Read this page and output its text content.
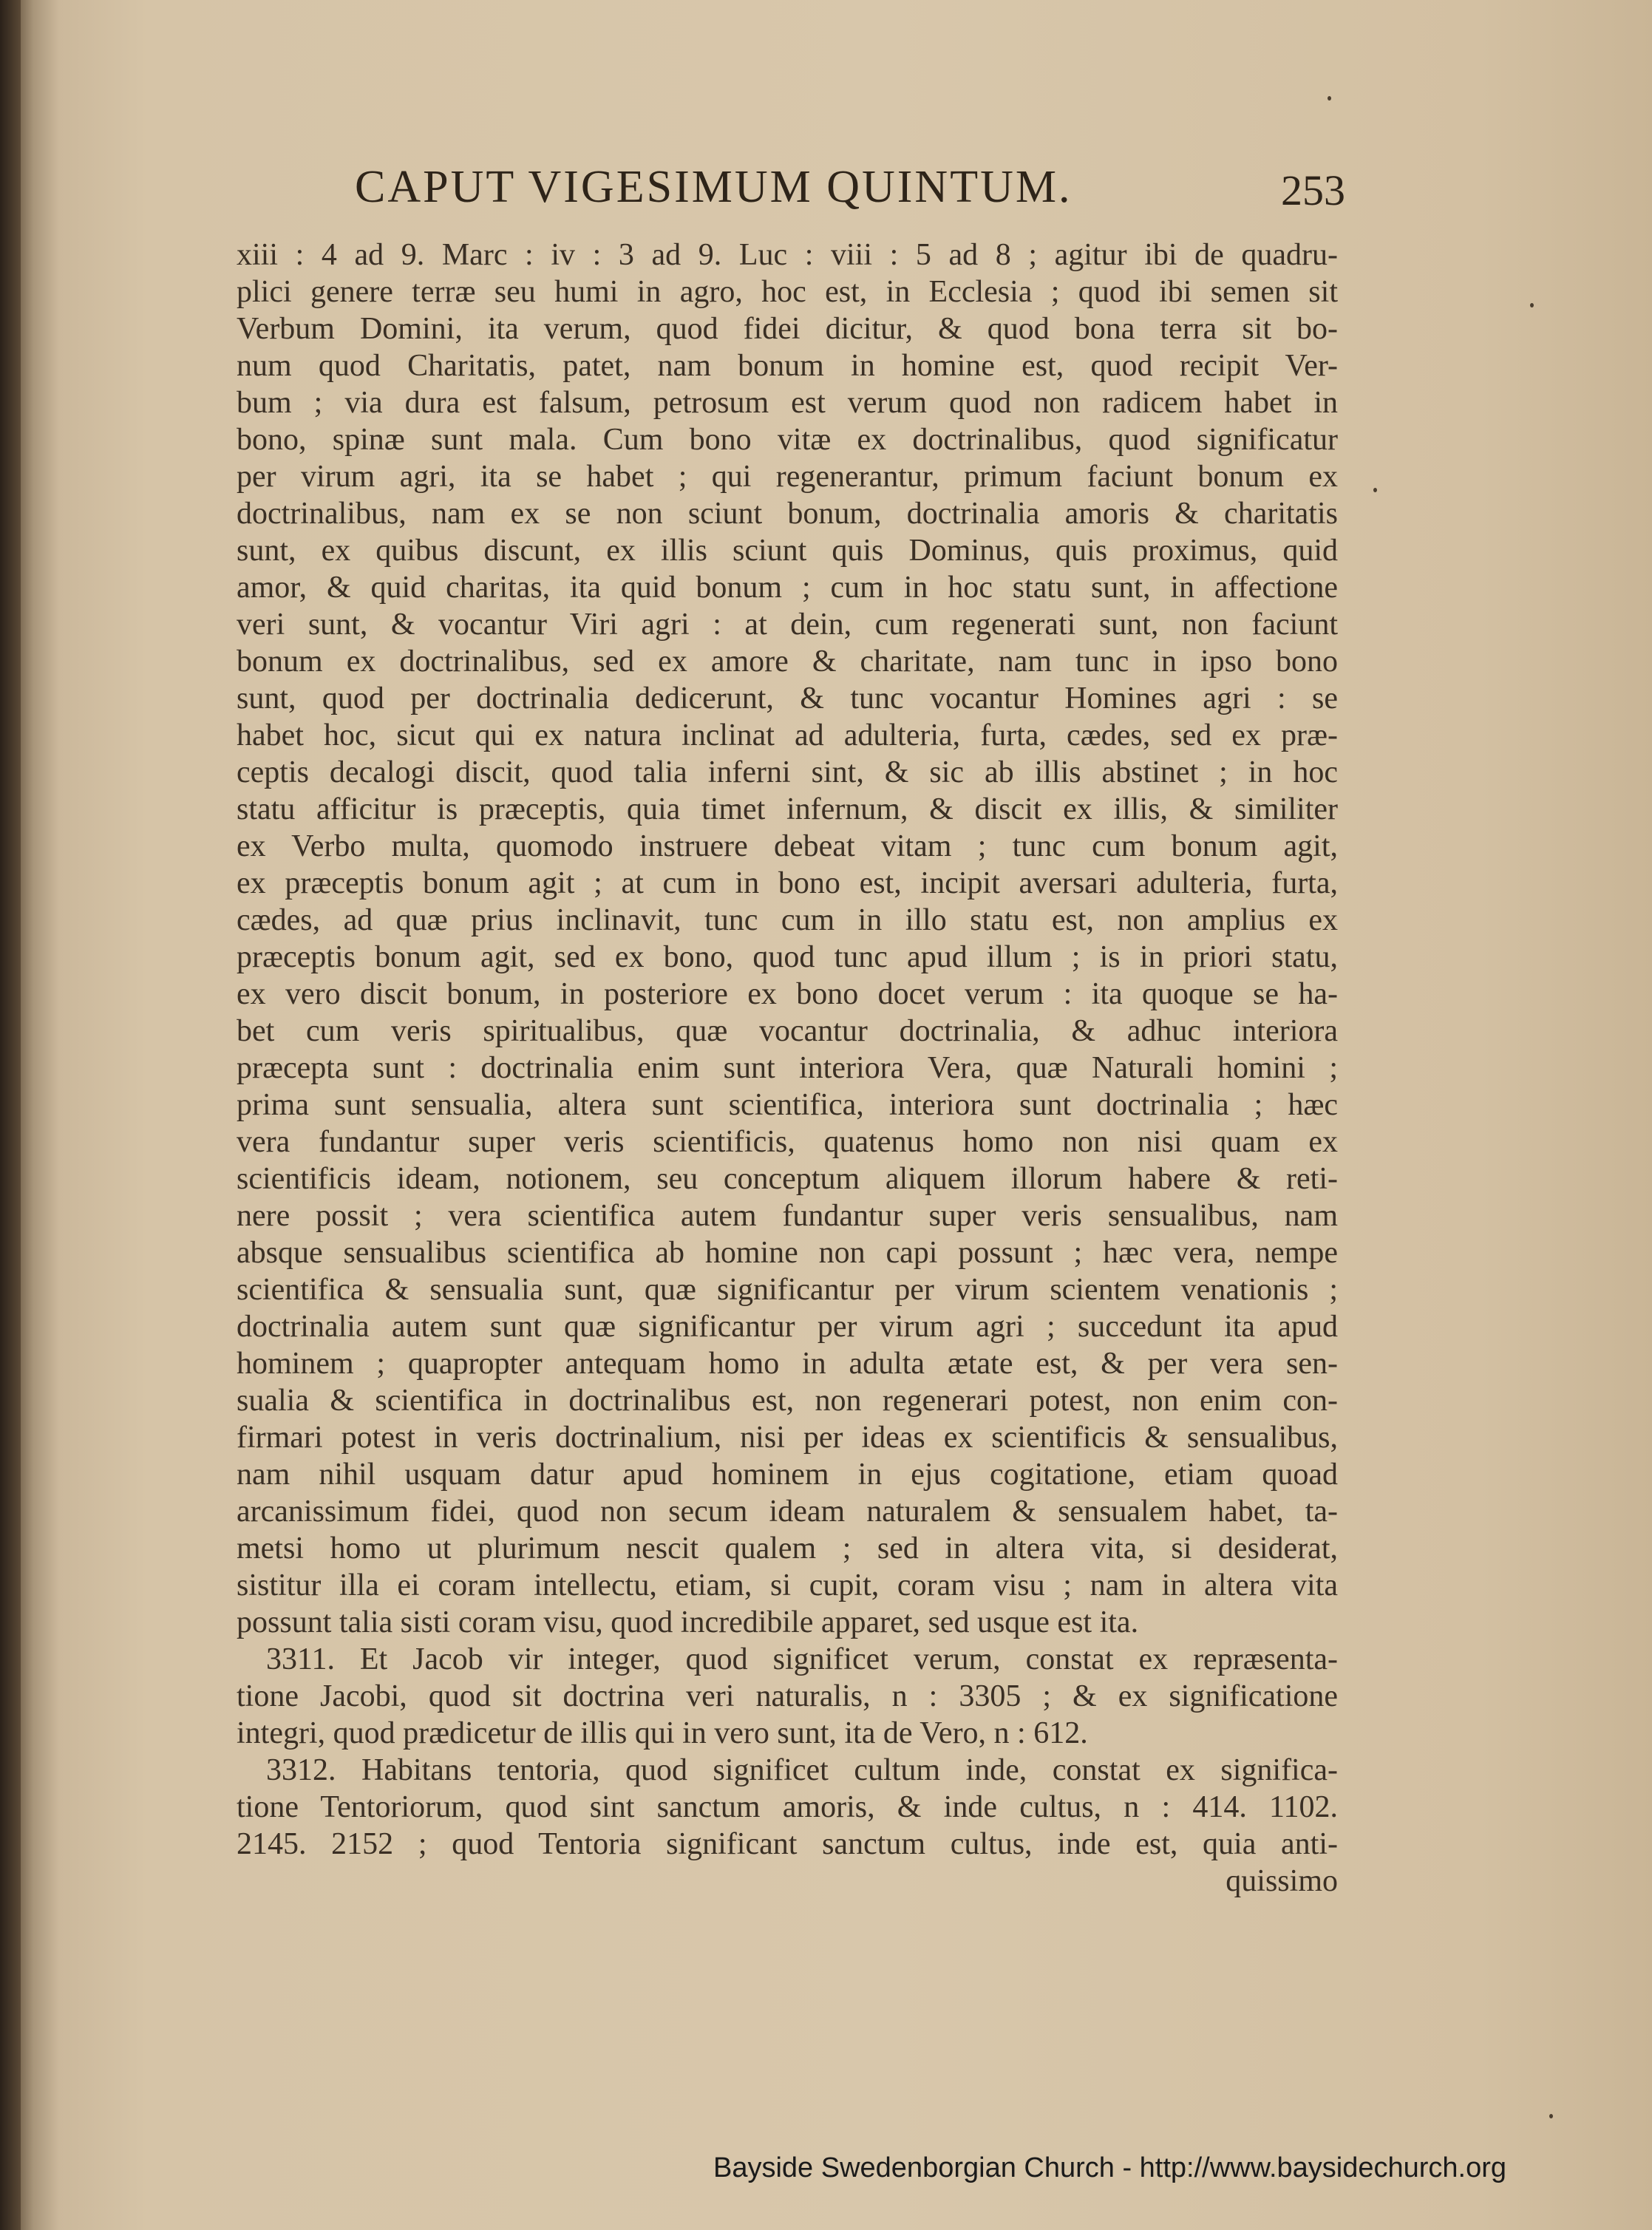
CAPUT VIGESIMUM QUINTUM.	253
xiii : 4 ad 9. Marc : iv : 3 ad 9. Luc : viii : 5 ad 8 ; agitur ibi de quadru-
plici genere terræ seu humi in agro, hoc est, in Ecclesia ; quod ibi semen sit
Verbum Domini, ita verum, quod fidei dicitur, & quod bona terra sit bo-
num quod Charitatis, patet, nam bonum in homine est, quod recipit Ver-
bum ; via dura est falsum, petrosum est verum quod non radicem habet in
bono, spinæ sunt mala. Cum bono vitæ ex doctrinalibus, quod significatur
per virum agri, ita se habet ; qui regenerantur, primum faciunt bonum ex
doctrinalibus, nam ex se non sciunt bonum, doctrinalia amoris & charitatis
sunt, ex quibus discunt, ex illis sciunt quis Dominus, quis proximus, quid
amor, & quid charitas, ita quid bonum ; cum in hoc statu sunt, in affectione
veri sunt, & vocantur Viri agri : at dein, cum regenerati sunt, non faciunt
bonum ex doctrinalibus, sed ex amore & charitate, nam tunc in ipso bono
sunt, quod per doctrinalia dedicerunt, & tunc vocantur Homines agri : se
habet hoc, sicut qui ex natura inclinat ad adulteria, furta, cædes, sed ex præ-
ceptis decalogi discit, quod talia inferni sint, & sic ab illis abstinet ; in hoc
statu afficitur is præceptis, quia timet infernum, & discit ex illis, & similiter
ex Verbo multa, quomodo instruere debeat vitam ; tunc cum bonum agit,
ex præceptis bonum agit ; at cum in bono est, incipit aversari adulteria, furta,
cædes, ad quæ prius inclinavit, tunc cum in illo statu est, non amplius ex
præceptis bonum agit, sed ex bono, quod tunc apud illum ; is in priori statu,
ex vero discit bonum, in posteriore ex bono docet verum : ita quoque se ha-
bet cum veris spiritualibus, quæ vocantur doctrinalia, & adhuc interiora
præcepta sunt : doctrinalia enim sunt interiora Vera, quæ Naturali homini ;
prima sunt sensualia, altera sunt scientifica, interiora sunt doctrinalia ; hæc
vera fundantur super veris scientificis, quatenus homo non nisi quam ex
scientificis ideam, notionem, seu conceptum aliquem illorum habere & reti-
nere possit ; vera scientifica autem fundantur super veris sensualibus, nam
absque sensualibus scientifica ab homine non capi possunt ; hæc vera, nempe
scientifica & sensualia sunt, quæ significantur per virum scientem venationis ;
doctrinalia autem sunt quæ significantur per virum agri ; succedunt ita apud
hominem ; quapropter antequam homo in adulta ætate est, & per vera sen-
sualia & scientifica in doctrinalibus est, non regenerari potest, non enim con-
firmari potest in veris doctrinalium, nisi per ideas ex scientificis & sensualibus,
nam nihil usquam datur apud hominem in ejus cogitatione, etiam quoad
arcanissimum fidei, quod non secum ideam naturalem & sensualem habet, ta-
metsi homo ut plurimum nescit qualem ; sed in altera vita, si desiderat,
sistitur illa ei coram intellectu, etiam, si cupit, coram visu ; nam in altera vita
possunt talia sisti coram visu, quod incredibile apparet, sed usque est ita.
3311. Et Jacob vir integer, quod significet verum, constat ex repræsenta-
tione Jacobi, quod sit doctrina veri naturalis, n : 3305 ; & ex significatione
integri, quod prædicetur de illis qui in vero sunt, ita de Vero, n : 612.
3312. Habitans tentoria, quod significet cultum inde, constat ex significa-
tione Tentoriorum, quod sint sanctum amoris, & inde cultus, n : 414. 1102.
2145. 2152 ; quod Tentoria significant sanctum cultus, inde est, quia anti-
quissimo
Bayside Swedenborgian Church - http://www.baysidechurch.org
